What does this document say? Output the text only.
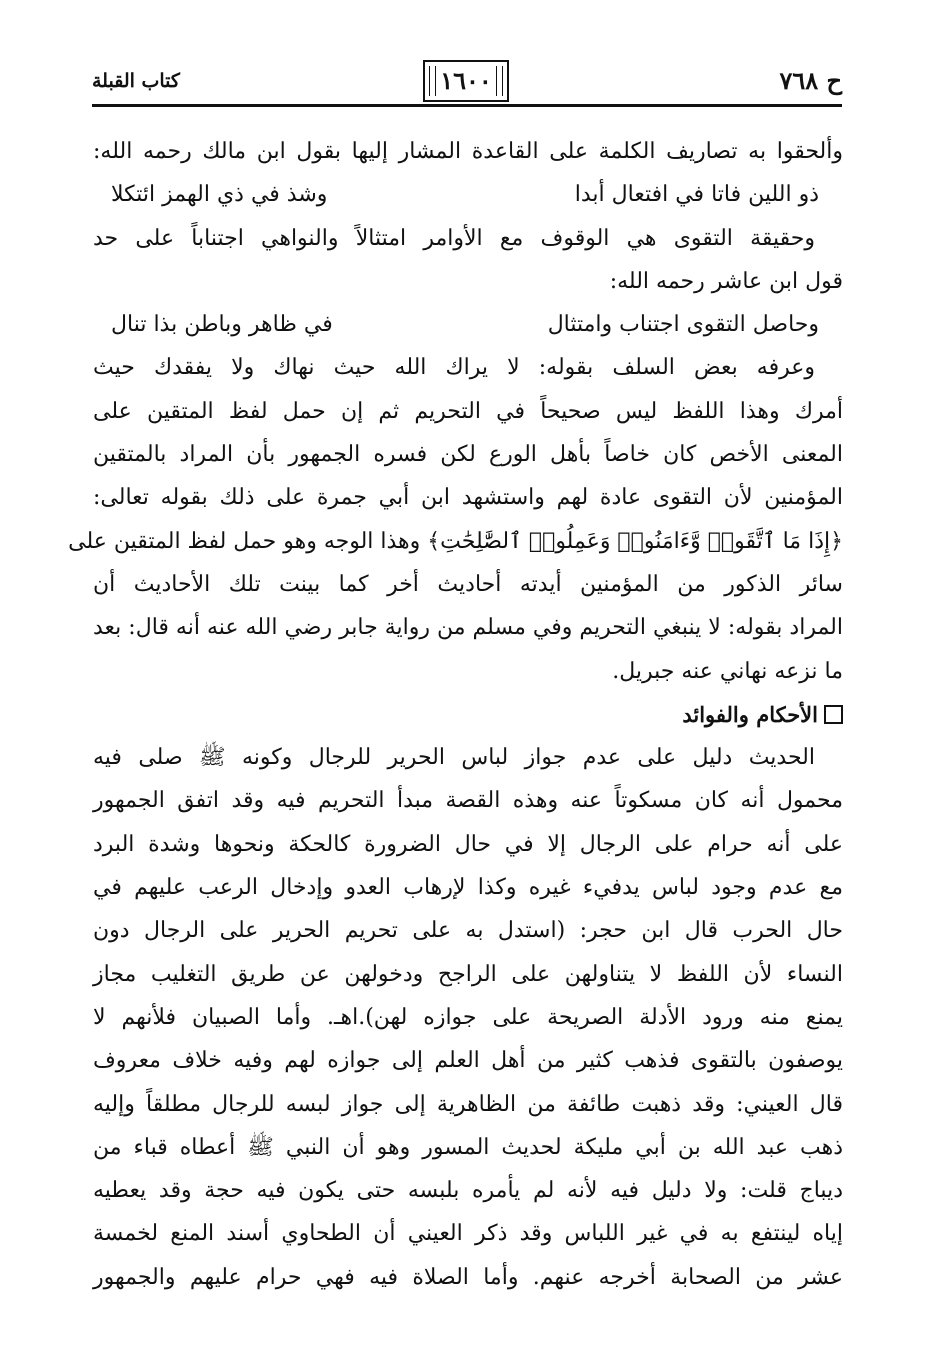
ح ٧٦٨
١٦٠٠
كتاب القبلة
وألحقوا به تصاريف الكلمة على القاعدة المشار إليها بقول ابن مالك رحمه الله:
ذو اللين فاتا في افتعال أبدا
وشذ في ذي الهمز ائتكلا
وحقيقة التقوى هي الوقوف مع الأوامر امتثالاً والنواهي اجتناباً على حد
قول ابن عاشر رحمه الله:
وحاصل التقوى اجتناب وامتثال
في ظاهر وباطن بذا تنال
وعرفه بعض السلف بقوله: لا يراك الله حيث نهاك ولا يفقدك حيث
أمرك وهذا اللفظ ليس صحيحاً في التحريم ثم إن حمل لفظ المتقين على
المعنى الأخص كان خاصاً بأهل الورع لكن فسره الجمهور بأن المراد بالمتقين
المؤمنين لأن التقوى عادة لهم واستشهد ابن أبي جمرة على ذلك بقوله تعالى:
﴿إِذَا مَا ٱتَّقَوا۟ وَّءَامَنُوا۟ وَعَمِلُوا۟ ٱلصَّٰلِحَٰتِ﴾ وهذا الوجه وهو حمل لفظ المتقين على
سائر الذكور من المؤمنين أيدته أحاديث أخر كما بينت تلك الأحاديث أن
المراد بقوله: لا ينبغي التحريم وفي مسلم من رواية جابر رضي الله عنه أنه قال: بعد
ما نزعه نهاني عنه جبريل.
الأحكام والفوائد
الحديث دليل على عدم جواز لباس الحرير للرجال وكونه ﷺ صلى فيه
محمول أنه كان مسكوتاً عنه وهذه القصة مبدأ التحريم فيه وقد اتفق الجمهور
على أنه حرام على الرجال إلا في حال الضرورة كالحكة ونحوها وشدة البرد
مع عدم وجود لباس يدفيء غيره وكذا لإرهاب العدو وإدخال الرعب عليهم في
حال الحرب قال ابن حجر: (استدل به على تحريم الحرير على الرجال دون
النساء لأن اللفظ لا يتناولهن على الراجح ودخولهن عن طريق التغليب مجاز
يمنع منه ورود الأدلة الصريحة على جوازه لهن).اهـ. وأما الصبيان فلأنهم لا
يوصفون بالتقوى فذهب كثير من أهل العلم إلى جوازه لهم وفيه خلاف معروف
قال العيني: وقد ذهبت طائفة من الظاهرية إلى جواز لبسه للرجال مطلقاً وإليه
ذهب عبد الله بن أبي مليكة لحديث المسور وهو أن النبي ﷺ أعطاه قباء من
ديباج قلت: ولا دليل فيه لأنه لم يأمره بلبسه حتى يكون فيه حجة وقد يعطيه
إياه لينتفع به في غير اللباس وقد ذكر العيني أن الطحاوي أسند المنع لخمسة
عشر من الصحابة أخرجه عنهم. وأما الصلاة فيه فهي حرام عليهم والجمهور
